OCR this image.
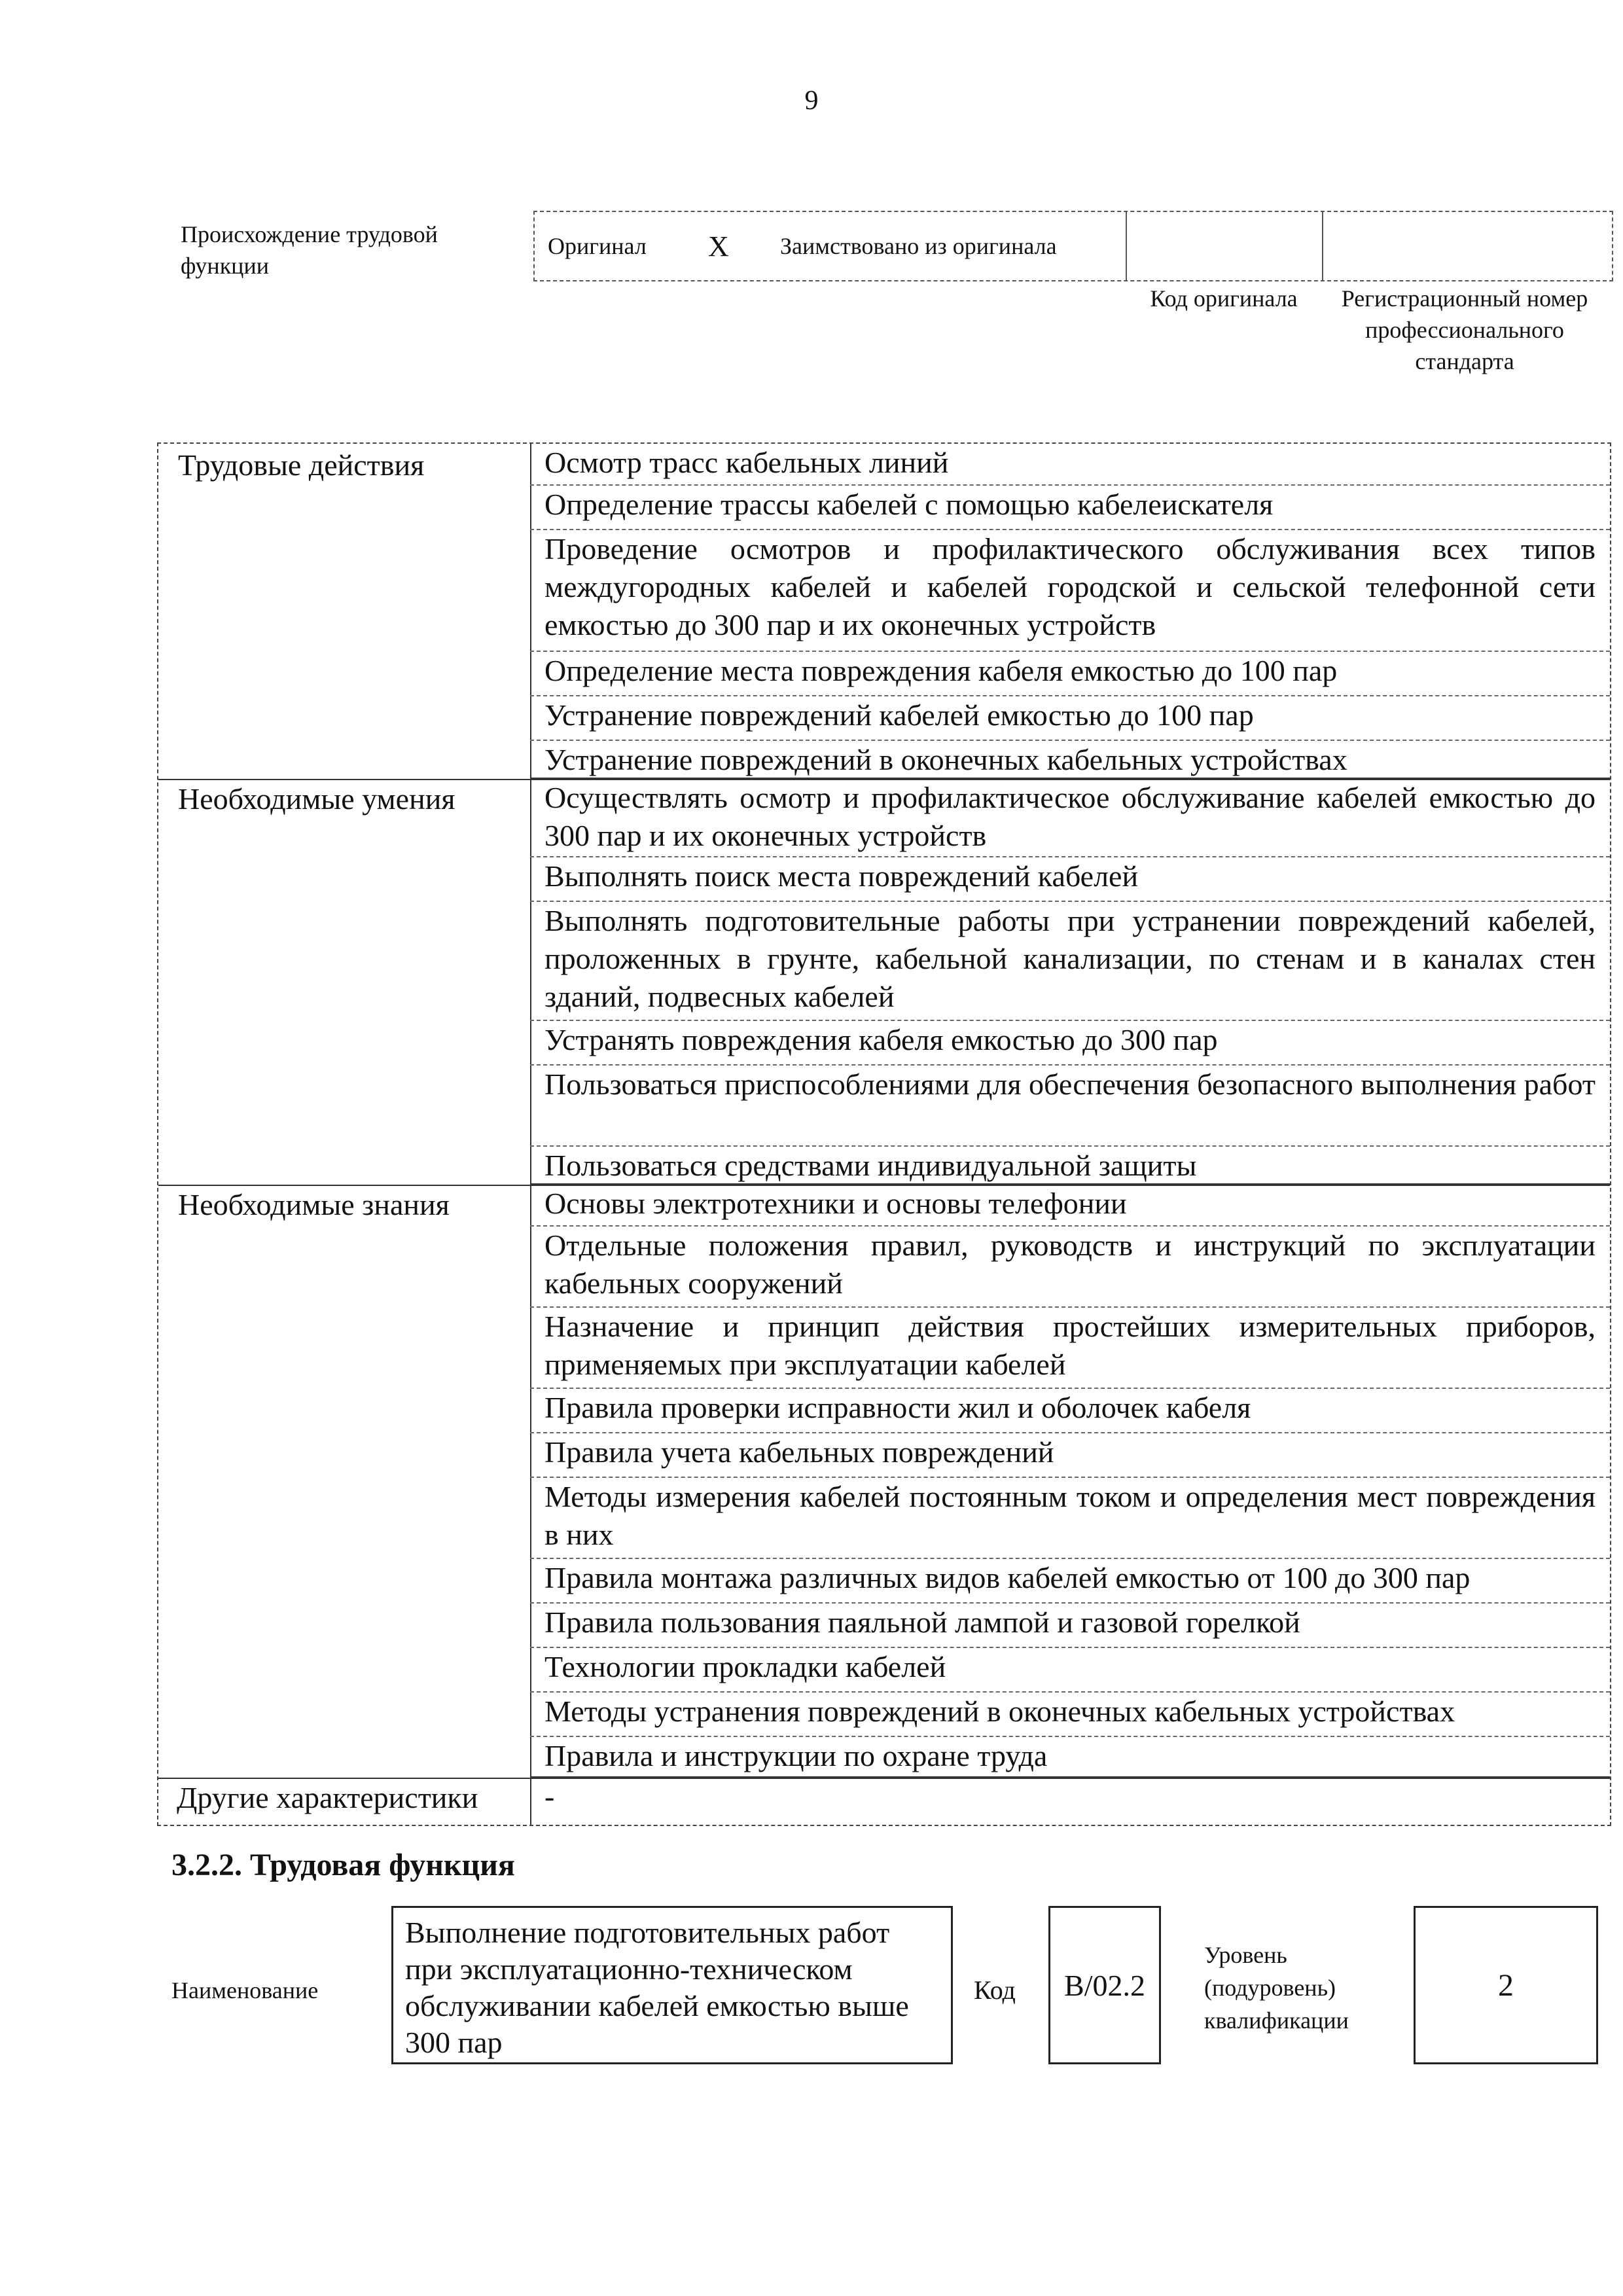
9
Происхождение трудовой функции
Оригинал X Заимствовано из оригинала
Код оригинала	Регистрационный номер профессионального стандарта
Трудовые действия	Осмотр трасс кабельных линий
Определение трассы кабелей с помощью кабелеискателя
Проведение осмотров и профилактического обслуживания всех типов междугородных кабелей и кабелей городской и сельской телефонной сети емкостью до 300 пар и их оконечных устройств
Определение места повреждения кабеля емкостью до 100 пар
Устранение повреждений кабелей емкостью до 100 пар
Устранение повреждений в оконечных кабельных устройствах
Необходимые умения	Осуществлять осмотр и профилактическое обслуживание кабелей емкостью до 300 пар и их оконечных устройств
Выполнять поиск места повреждений кабелей
Выполнять подготовительные работы при устранении повреждений кабелей, проложенных в грунте, кабельной канализации, по стенам и в каналах стен зданий, подвесных кабелей
Устранять повреждения кабеля емкостью до 300 пар
Пользоваться приспособлениями для обеспечения безопасного выполнения работ
Пользоваться средствами индивидуальной защиты
Необходимые знания	Основы электротехники и основы телефонии
Отдельные положения правил, руководств и инструкций по эксплуатации кабельных сооружений
Назначение и принцип действия простейших измерительных приборов, применяемых при эксплуатации кабелей
Правила проверки исправности жил и оболочек кабеля
Правила учета кабельных повреждений
Методы измерения кабелей постоянным током и определения мест повреждения в них
Правила монтажа различных видов кабелей емкостью от 100 до 300 пар
Правила пользования паяльной лампой и газовой горелкой
Технологии прокладки кабелей
Методы устранения повреждений в оконечных кабельных устройствах
Правила и инструкции по охране труда
Другие характеристики	-
3.2.2. Трудовая функция
Наименование
Выполнение подготовительных работ при эксплуатационно-техническом обслуживании кабелей емкостью выше 300 пар
Код	B/02.2
Уровень (подуровень) квалификации
2
